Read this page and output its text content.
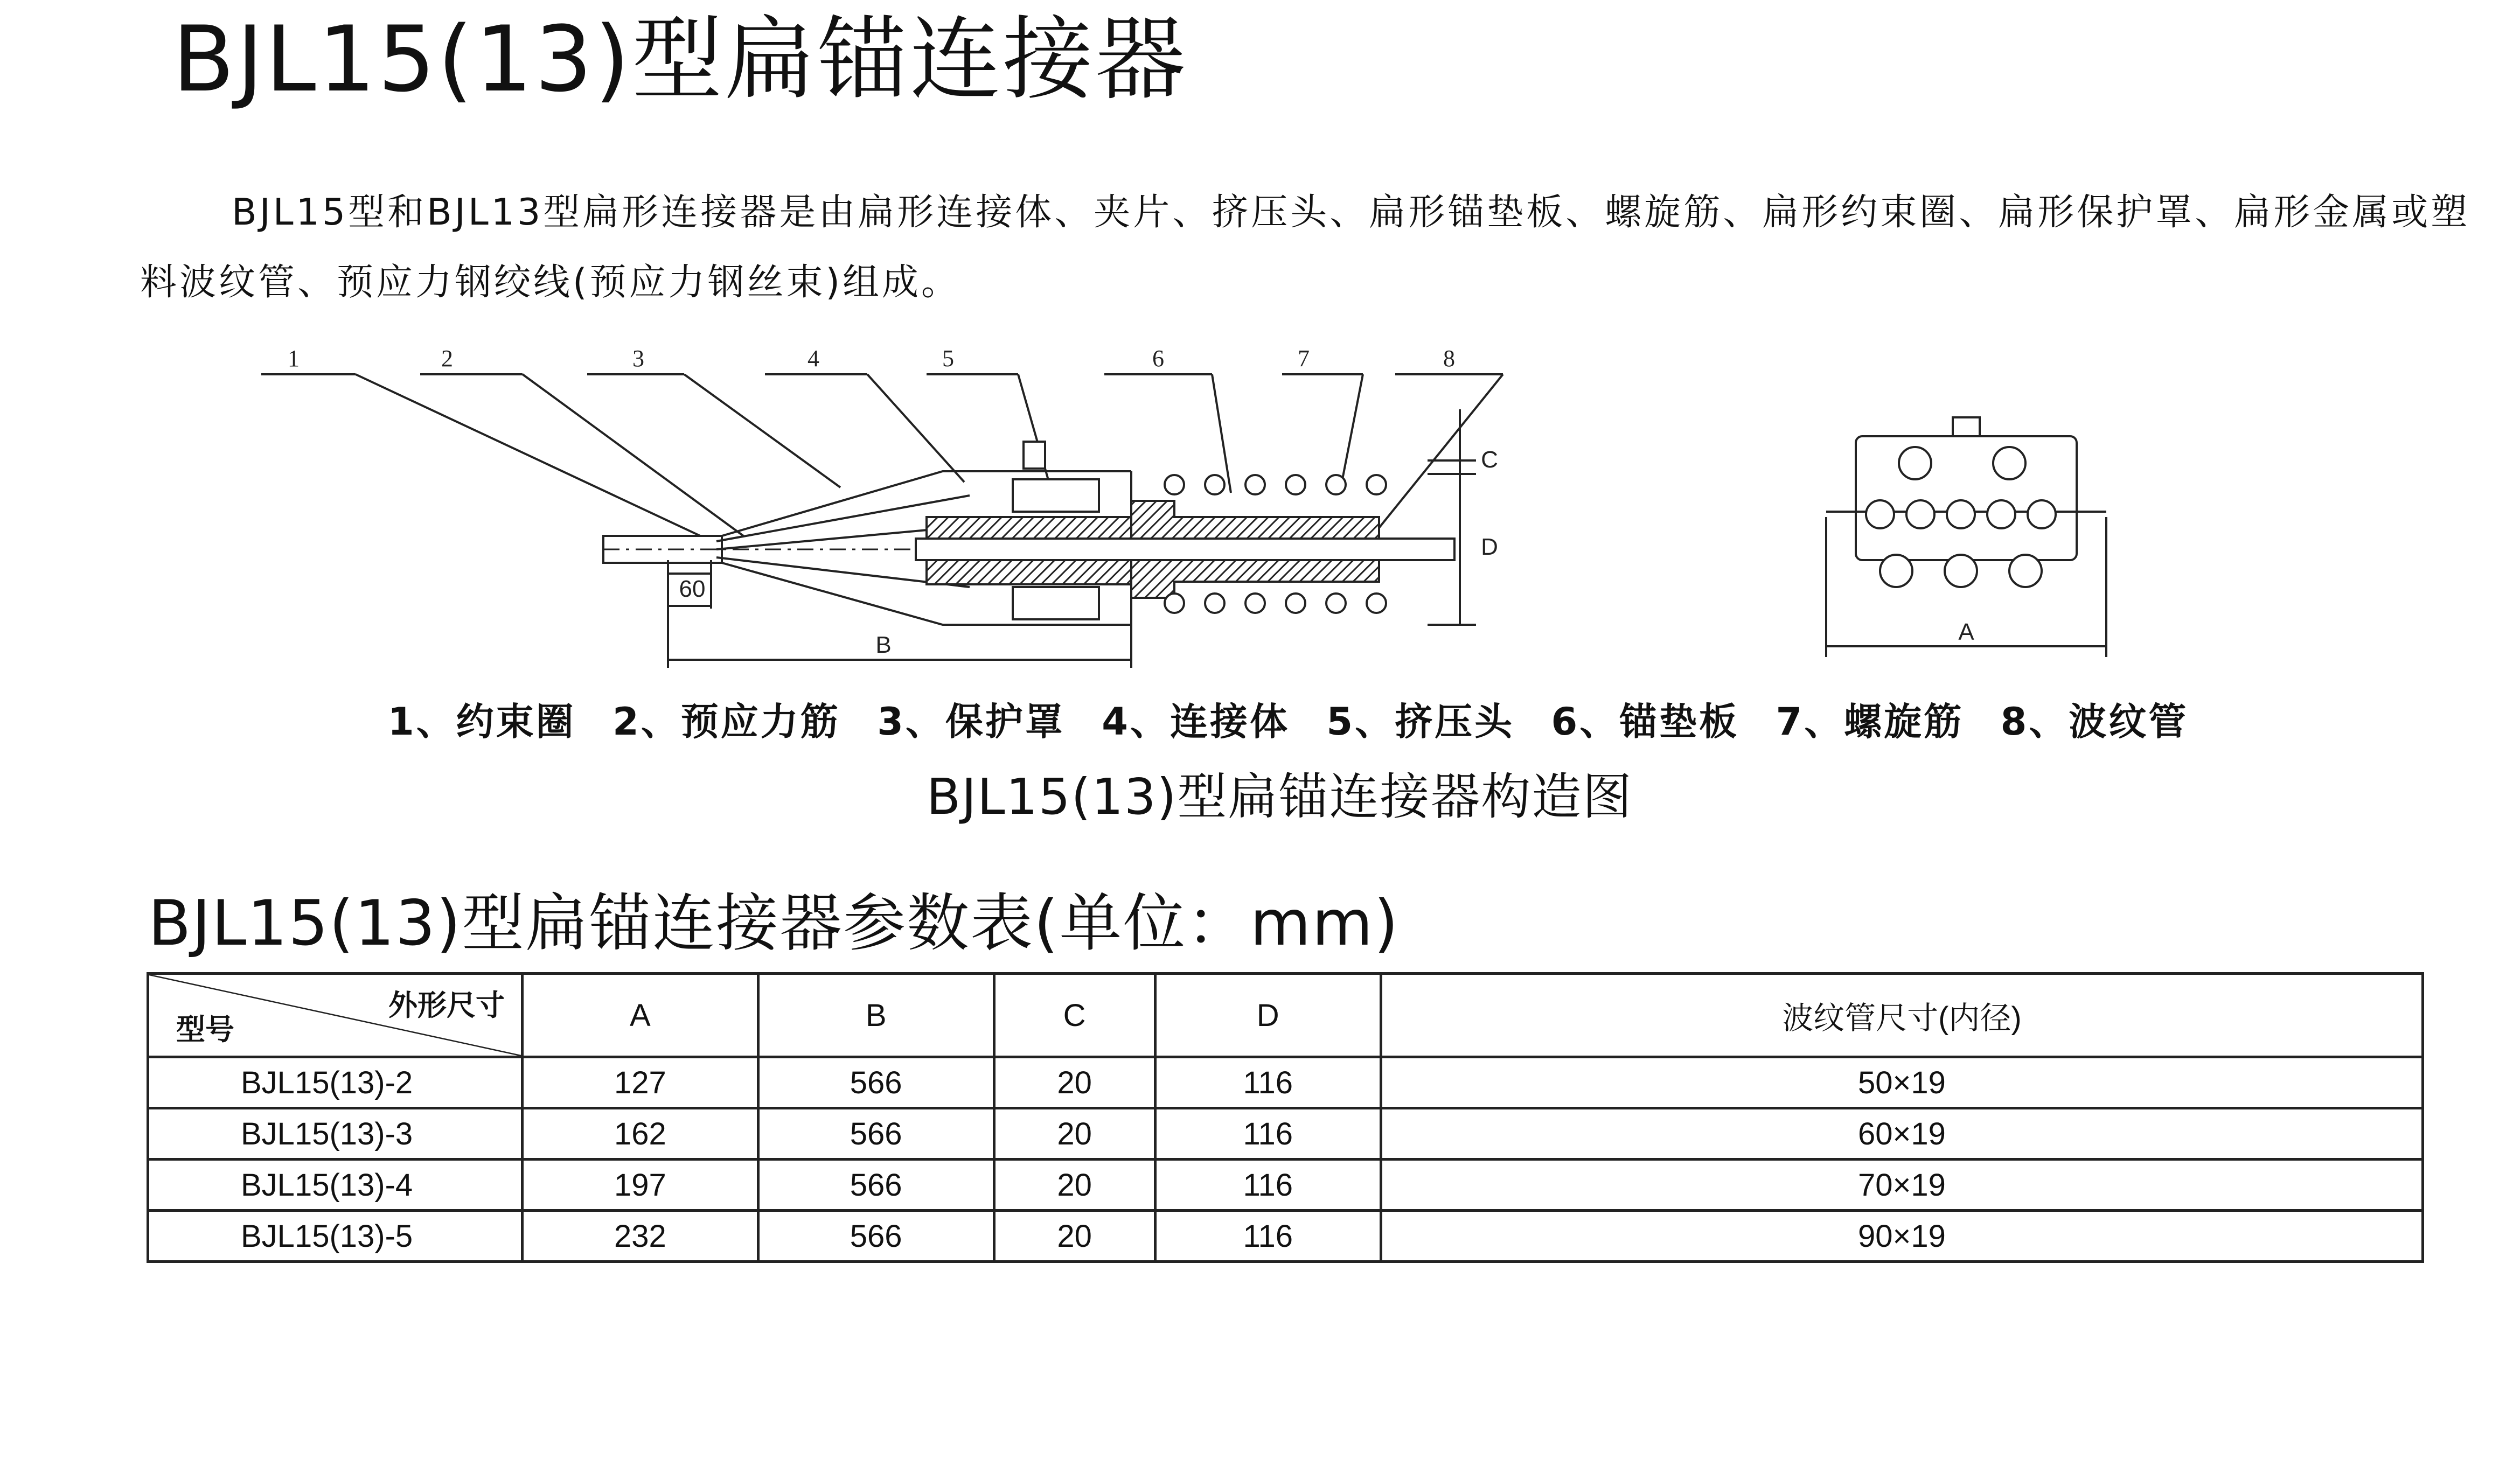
BJL15(13)型扁锚连接器
BJL15型和BJL13型扁形连接器是由扁形连接体、夹片、挤压头、扁形锚垫板、螺旋筋、扁形约束圈、扁形保护罩、扁形金属或塑料波纹管、预应力钢绞线(预应力钢丝束)组成。
1	2	3	4	5	6	7	8
C
D
60
B	A
1、约束圈 2、预应力筋 3、保护罩 4、连接体 5、挤压头 6、锚垫板 7、螺旋筋 8、波纹管
BJL15(13)型扁锚连接器构造图
BJL15(13)型扁锚连接器参数表(单位：mm)
外形尺寸
型号	A	B	C	D	波纹管尺寸(内径)
BJL15(13)-2	127	566	20	116	50×19
BJL15(13)-3	162	566	20	116	60×19
BJL15(13)-4	197	566	20	116	70×19
BJL15(13)-5	232	566	20	116	90×19
